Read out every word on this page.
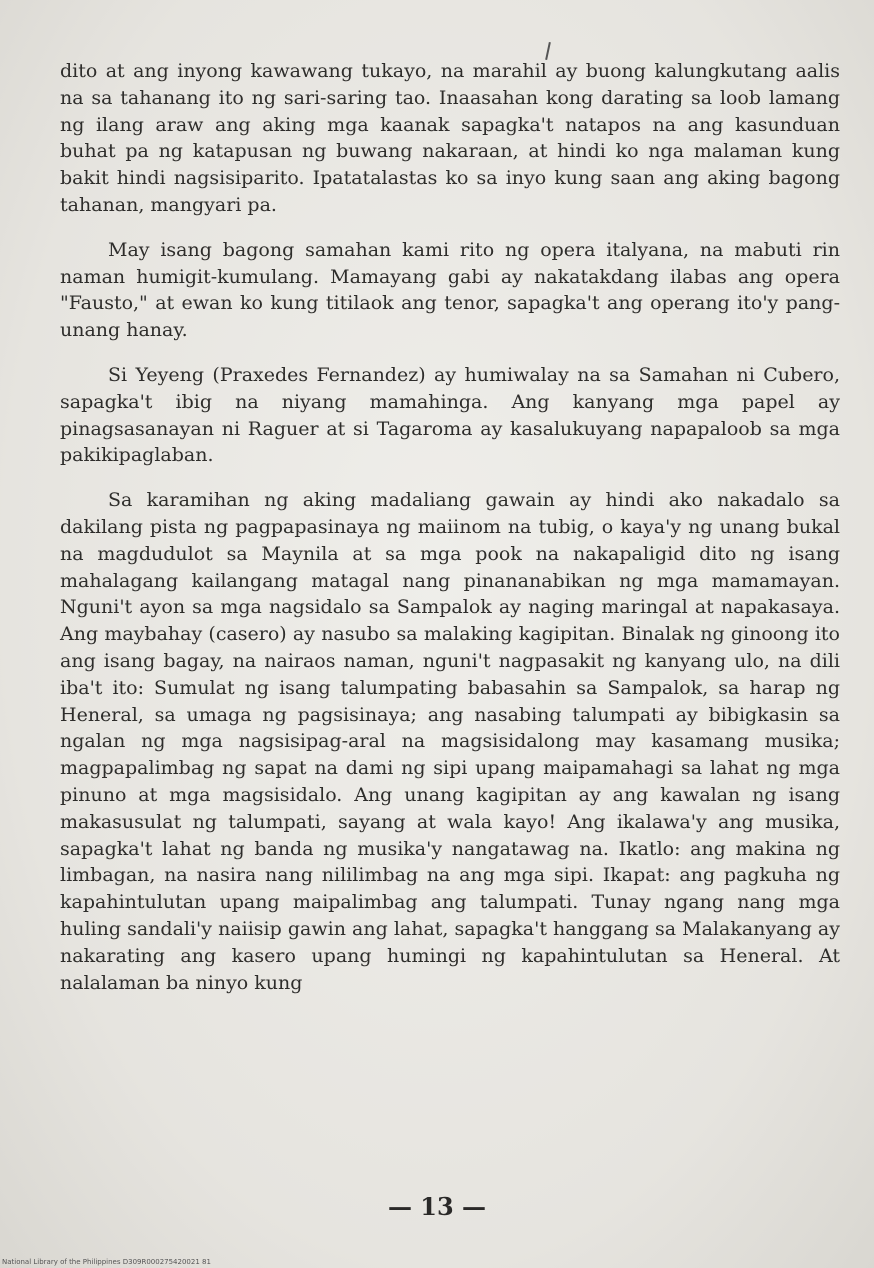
dito at ang inyong kawawang tukayo, na marahil ay buong kalungkutang aalis na sa tahanang ito ng sari-saring tao. Inaasahan kong darating sa loob lamang ng ilang araw ang aking mga kaanak sapagka't natapos na ang kasunduan buhat pa ng katapusan ng buwang nakaraan, at hindi ko nga malaman kung bakit hindi nagsisiparito. Ipatatalastas ko sa inyo kung saan ang aking bagong tahanan, mangyari pa.

May isang bagong samahan kami rito ng opera italyana, na mabuti rin naman humigit-kumulang. Mamayang gabi ay nakatakdang ilabas ang opera "Fausto," at ewan ko kung titilaok ang tenor, sapagka't ang operang ito'y pang-unang hanay.

Si Yeyeng (Praxedes Fernandez) ay humiwalay na sa Samahan ni Cubero, sapagka't ibig na niyang mamahinga. Ang kanyang mga papel ay pinagsasanayan ni Raguer at si Tagaroma ay kasalukuyang napapaloob sa mga pakikipaglaban.

Sa karamihan ng aking madaliang gawain ay hindi ako nakadalo sa dakilang pista ng pagpapasinaya ng maiinom na tubig, o kaya'y ng unang bukal na magdudulot sa Maynila at sa mga pook na nakapaligid dito ng isang mahalagang kailangang matagal nang pinananabikan ng mga mamamayan. Nguni't ayon sa mga nagsidalo sa Sampalok ay naging maringal at napakasaya. Ang maybahay (casero) ay nasubo sa malaking kagipitan. Binalak ng ginoong ito ang isang bagay, na nairaos naman, nguni't nagpasakit ng kanyang ulo, na dili iba't ito: Sumulat ng isang talumpating babasahin sa Sampalok, sa harap ng Heneral, sa umaga ng pagsisinaya; ang nasabing talumpati ay bibigkasin sa ngalan ng mga nagsisipag-aral na magsisidalong may kasamang musika; magpapalimbag ng sapat na dami ng sipi upang maipamahagi sa lahat ng mga pinuno at mga magsisidalo. Ang unang kagipitan ay ang kawalan ng isang makasusulat ng talumpati, sayang at wala kayo! Ang ikalawa'y ang musika, sapagka't lahat ng banda ng musika'y nangatawag na. Ikatlo: ang makina ng limbagan, na nasira nang nililimbag na ang mga sipi. Ikapat: ang pagkuha ng kapahintulutan upang maipalimbag ang talumpati. Tunay ngang nang mga huling sandali'y naiisip gawin ang lahat, sapagka't hanggang sa Malakanyang ay nakarating ang kasero upang humingi ng kapahintulutan sa Heneral. At nalalaman ba ninyo kung

— 13 —
National Library of the Philippines D309R000275420021 81
